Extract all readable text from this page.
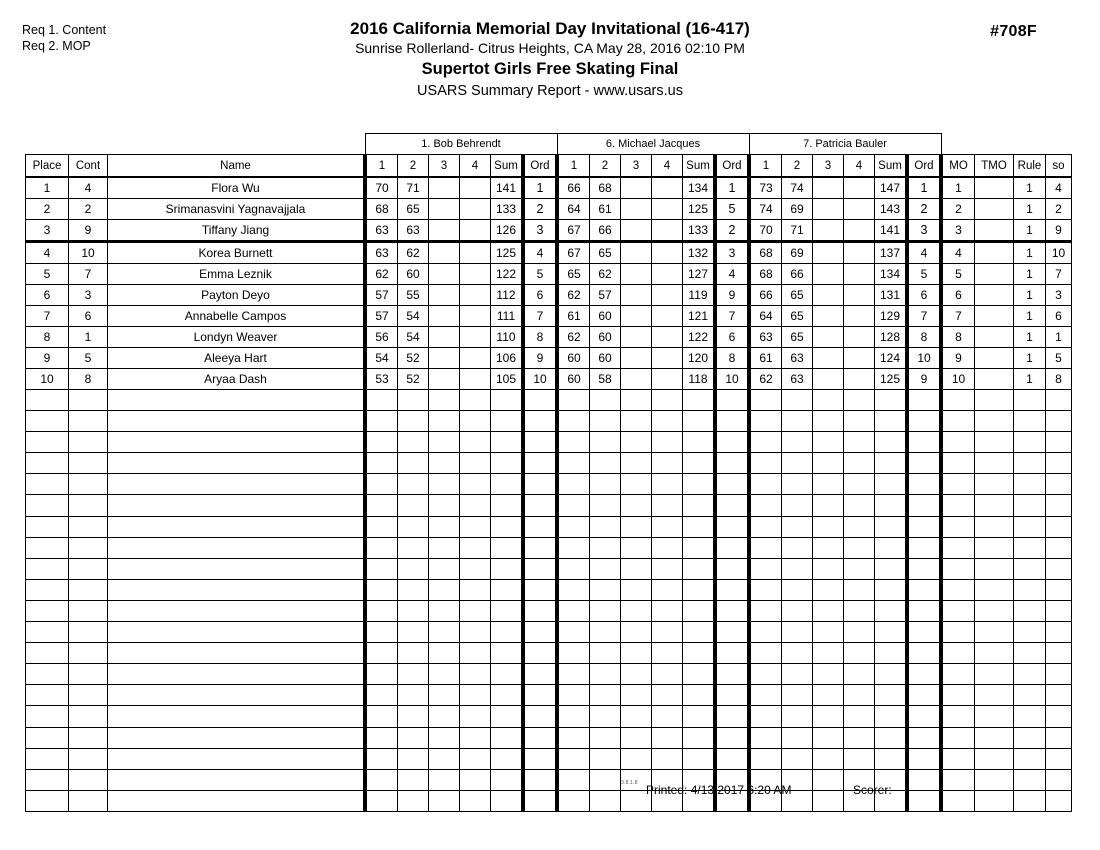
Req 1. Content
Req 2. MOP
2016 California Memorial Day Invitational (16-417)
Sunrise Rollerland- Citrus Heights, CA May 28, 2016 02:10 PM
Supertot Girls Free Skating Final
USARS Summary Report - www.usars.us
#708F
			1. Bob Behrendt						6. Michael Jacques						7. Patricia Bauler									
Place	Cont	Name	1	2	3	4	Sum	Ord	1	2	3	4	Sum	Ord	1	2	3	4	Sum	Ord	MO	TMO	Rule	so
1	4	Flora Wu	70	71			141	1	66	68			134	1	73	74			147	1	1		1	4
2	2	Srimanasvini Yagnavajjala	68	65			133	2	64	61			125	5	74	69			143	2	2		1	2
3	9	Tiffany Jiang	63	63			126	3	67	66			133	2	70	71			141	3	3		1	9
4	10	Korea Burnett	63	62			125	4	67	65			132	3	68	69			137	4	4		1	10
5	7	Emma Leznik	62	60			122	5	65	62			127	4	68	66			134	5	5		1	7
6	3	Payton Deyo	57	55			112	6	62	57			119	9	66	65			131	6	6		1	3
7	6	Annabelle Campos	57	54			111	7	61	60			121	7	64	65			129	7	7		1	6
8	1	Londyn Weaver	56	54			110	8	62	60			122	6	63	65			128	8	8		1	1
9	5	Aleeya Hart	54	52			106	9	60	60			120	8	61	63			124	10	9		1	5
10	8	Aryaa Dash	53	52			105	10	60	58			118	10	62	63			125	9	10		1	8

3.8.1.8 Printed: 4/13/2017 6:20 AM	Scorer:
